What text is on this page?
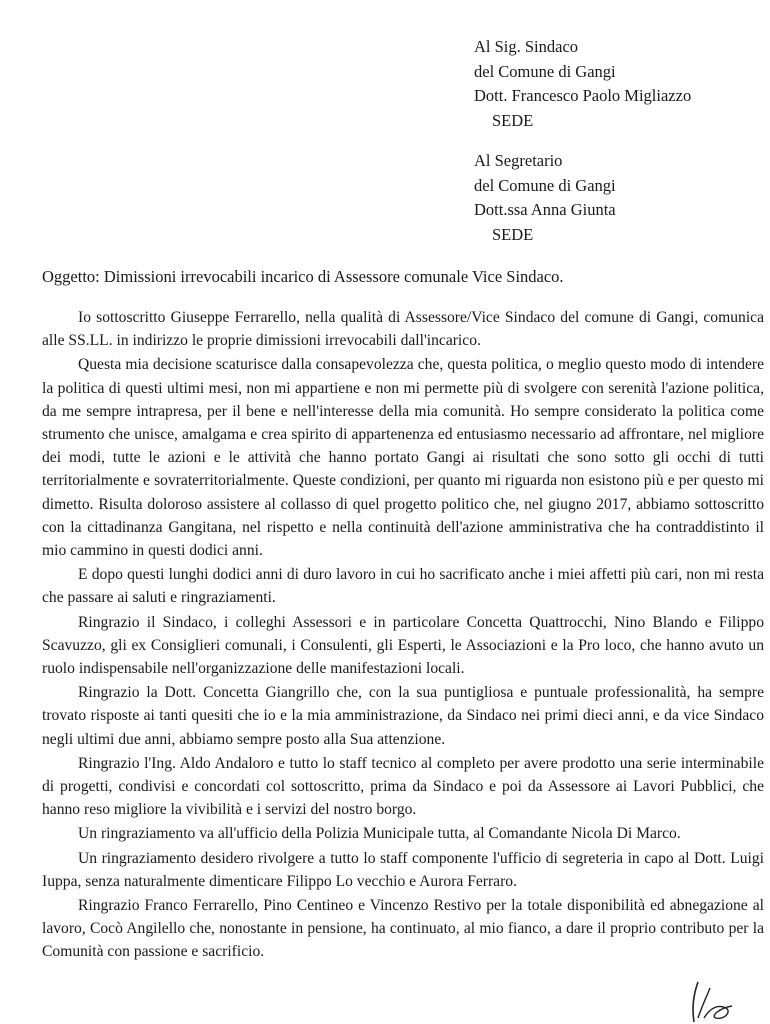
Al Sig. Sindaco
del Comune di Gangi
Dott. Francesco Paolo Migliazzo
SEDE
Al Segretario
del Comune di Gangi
Dott.ssa Anna Giunta
SEDE
Oggetto: Dimissioni irrevocabili incarico di Assessore comunale Vice Sindaco.

Io sottoscritto Giuseppe Ferrarello, nella qualità di Assessore/Vice Sindaco del comune di Gangi, comunica alle SS.LL. in indirizzo le proprie dimissioni irrevocabili dall'incarico.

Questa mia decisione scaturisce dalla consapevolezza che, questa politica, o meglio questo modo di intendere la politica di questi ultimi mesi, non mi appartiene e non mi permette più di svolgere con serenità l'azione politica, da me sempre intrapresa, per il bene e nell'interesse della mia comunità. Ho sempre considerato la politica come strumento che unisce, amalgama e crea spirito di appartenenza ed entusiasmo necessario ad affrontare, nel migliore dei modi, tutte le azioni e le attività che hanno portato Gangi ai risultati che sono sotto gli occhi di tutti territorialmente e sovraterritorialmente. Queste condizioni, per quanto mi riguarda non esistono più e per questo mi dimetto. Risulta doloroso assistere al collasso di quel progetto politico che, nel giugno 2017, abbiamo sottoscritto con la cittadinanza Gangitana, nel rispetto e nella continuità dell'azione amministrativa che ha contraddistinto il mio cammino in questi dodici anni.

E dopo questi lunghi dodici anni di duro lavoro in cui ho sacrificato anche i miei affetti più cari, non mi resta che passare ai saluti e ringraziamenti.

Ringrazio il Sindaco, i colleghi Assessori e in particolare Concetta Quattrocchi, Nino Blando e Filippo Scavuzzo, gli ex Consiglieri comunali, i Consulenti, gli Esperti, le Associazioni e la Pro loco, che hanno avuto un ruolo indispensabile nell'organizzazione delle manifestazioni locali.

Ringrazio la Dott. Concetta Giangrillo che, con la sua puntigliosa e puntuale professionalità, ha sempre trovato risposte ai tanti quesiti che io e la mia amministrazione, da Sindaco nei primi dieci anni, e da vice Sindaco negli ultimi due anni, abbiamo sempre posto alla Sua attenzione.

Ringrazio l'Ing. Aldo Andaloro e tutto lo staff tecnico al completo per avere prodotto una serie interminabile di progetti, condivisi e concordati col sottoscritto, prima da Sindaco e poi da Assessore ai Lavori Pubblici, che hanno reso migliore la vivibilità e i servizi del nostro borgo.

Un ringraziamento va all'ufficio della Polizia Municipale tutta, al Comandante Nicola Di Marco.

Un ringraziamento desidero rivolgere a tutto lo staff componente l'ufficio di segreteria in capo al Dott. Luigi Iuppa, senza naturalmente dimenticare Filippo Lo vecchio e Aurora Ferraro.

Ringrazio Franco Ferrarello, Pino Centineo e Vincenzo Restivo per la totale disponibilità ed abnegazione al lavoro, Cocò Angilello che, nonostante in pensione, ha continuato, al mio fianco, a dare il proprio contributo per la Comunità con passione e sacrificio.
